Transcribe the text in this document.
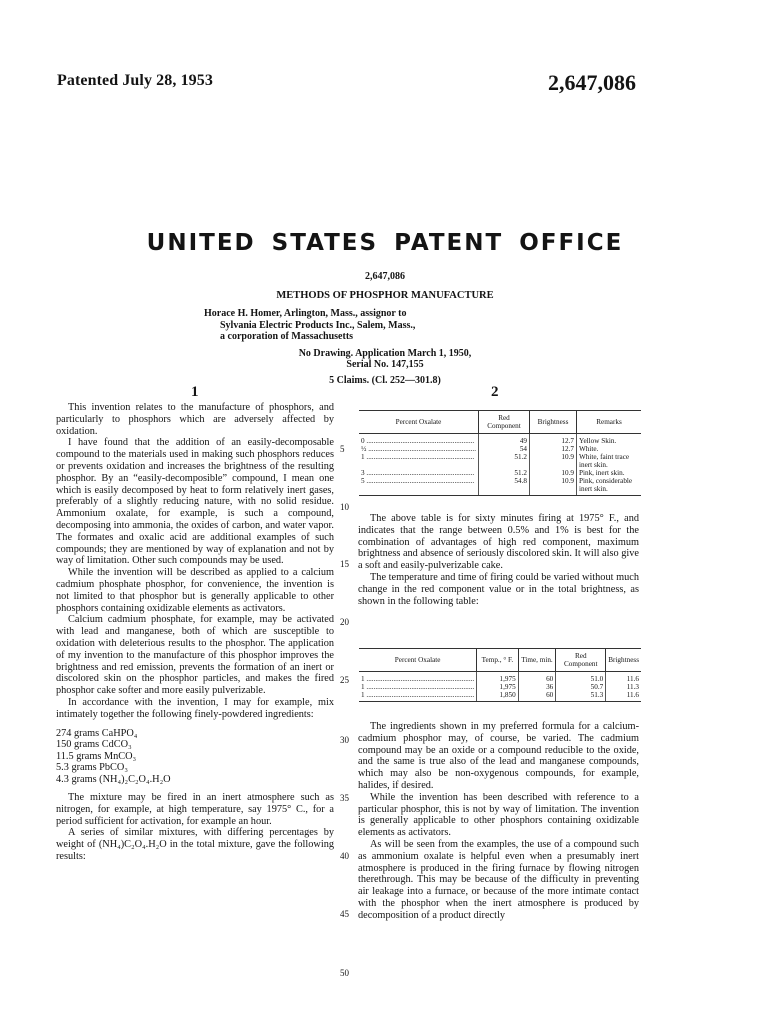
Patented July 28, 1953	2,647,086
UNITED STATES PATENT OFFICE
2,647,086
METHODS OF PHOSPHOR MANUFACTURE
Horace H. Homer, Arlington, Mass., assignor to
Sylvania Electric Products Inc., Salem, Mass.,
a corporation of Massachusetts
No Drawing. Application March 1, 1950,
Serial No. 147,155
5 Claims. (Cl. 252—301.8)
1	2

This invention relates to the manufacture of phosphors, and particularly to phosphors which are adversely affected by oxidation.

I have found that the addition of an easily-decomposable compound to the materials used in making such phosphors reduces or prevents oxidation and increases the brightness of the resulting phosphor. By an “easily-decomposible” compound, I mean one which is easily decomposed by heat to form relatively inert gases, preferably of a slightly reducing nature, with no solid residue. Ammonium oxalate, for example, is such a compound, decomposing into ammonia, the oxides of carbon, and water vapor. The formates and oxalic acid are additional examples of such compounds; they are mentioned by way of explanation and not by way of limitation. Other such compounds may be used.

While the invention will be described as applied to a calcium cadmium phosphate phosphor, for convenience, the invention is not limited to that phosphor but is generally applicable to other phosphors containing oxidizable elements as activators.

Calcium cadmium phosphate, for example, may be activated with lead and manganese, both of which are susceptible to oxidation with deleterious results to the phosphor. The application of my invention to the manufacture of this phosphor improves the brightness and red emission, prevents the formation of an inert or discolored skin on the phosphor particles, and makes the fired phosphor cake softer and more easily pulverizable.

In accordance with the invention, I may for example, mix intimately together the following finely-powdered ingredients:

274 grams CaHPO₄
150 grams CdCO₃
11.5 grams MnCO₃
5.3 grams PbCO₃
4.3 grams (NH₄)₂C₂O₄.H₂O

The mixture may be fired in an inert atmosphere such as nitrogen, for example, at high temperature, say 1975° C., for a period sufficient for activation, for example an hour.

A series of similar mixtures, with differing percentages by weight of (NH₄)C₂O₄.H₂O in the total mixture, gave the following results:

5
10
15
20
25
30
35
40
45
50
Percent Oxalate	Red Component	Brightness	Remarks
0 ............................................................	49	12.7	Yellow Skin.
½ ............................................................	54	12.7	White.
1 ............................................................	51.2	10.9	White, faint trace inert skin.
3 ............................................................	51.2	10.9	Pink, inert skin.
5 ............................................................	54.8	10.9	Pink, considerable inert skin.

The above table is for sixty minutes firing at 1975° F., and indicates that the range between 0.5% and 1% is best for the combination of advantages of high red component, maximum brightness and absence of seriously discolored skin. It will also give a soft and easily-pulverizable cake.

The temperature and time of firing could be varied without much change in the red component value or in the total brightness, as shown in the following table:

Percent Oxalate	Temp., ° F.	Time, min.	Red Component	Brightness
1 ............................................................	1,975	60	51.0	11.6
1 ............................................................	1,975	36	50.7	11.3
1 ............................................................	1,850	60	51.3	11.6

The ingredients shown in my preferred formula for a calcium-cadmium phosphor may, of course, be varied. The cadmium compound may be an oxide or a compound reducible to the oxide, and the same is true also of the lead and manganese compounds, which may also be non-oxygenous compounds, for example, halides, if desired.

While the invention has been described with reference to a particular phosphor, this is not by way of limitation. The invention is generally applicable to other phosphors containing oxidizable elements as activators.

As will be seen from the examples, the use of a compound such as ammonium oxalate is helpful even when a presumably inert atmosphere is produced in the firing furnace by flowing nitrogen therethrough. This may be because of the difficulty in preventing air leakage into a furnace, or because of the more intimate contact with the phosphor when the inert atmosphere is produced by decomposition of a product directly
